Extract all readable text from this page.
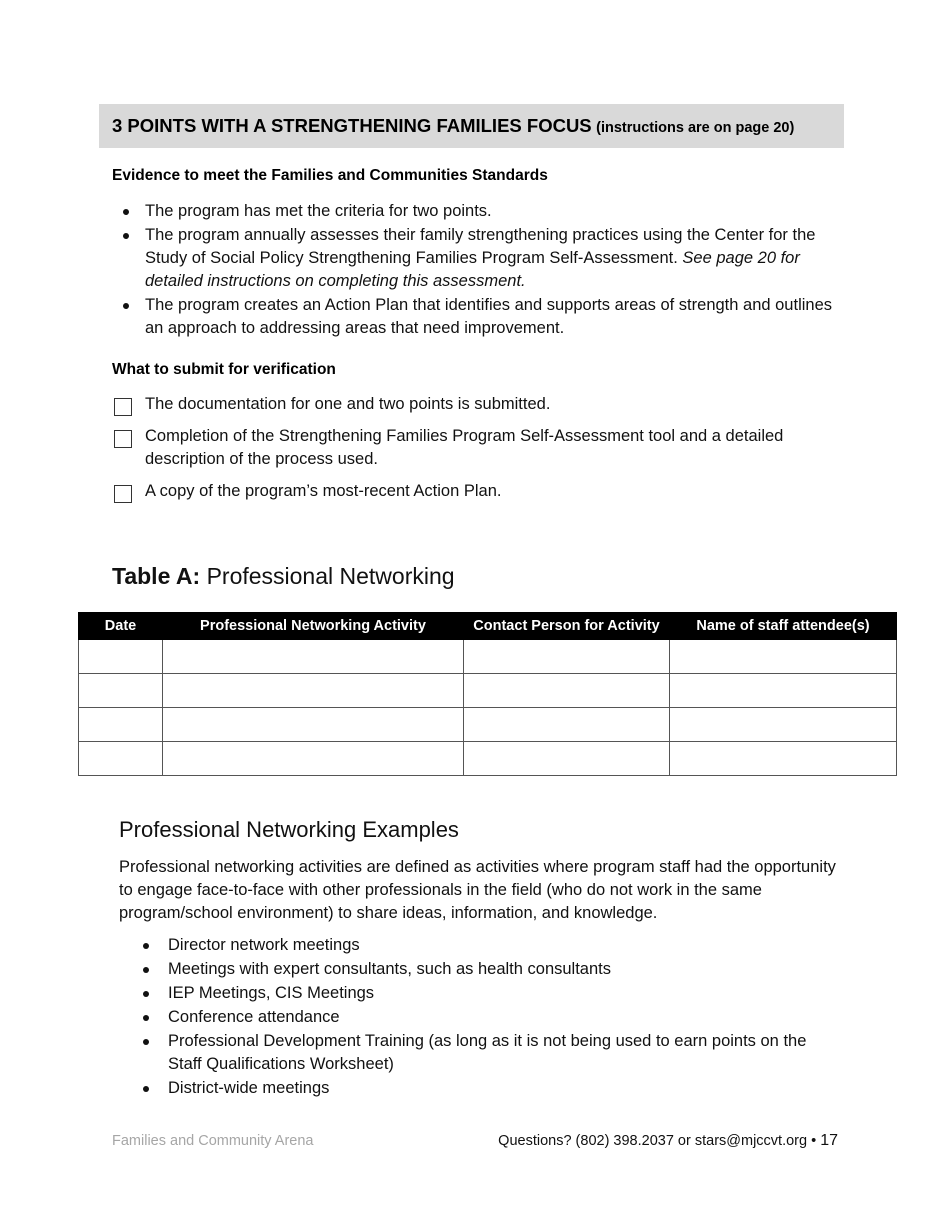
3 POINTS WITH A STRENGTHENING FAMILIES FOCUS (instructions are on page 20)
Evidence to meet the Families and Communities Standards
The program has met the criteria for two points.
The program annually assesses their family strengthening practices using the Center for the Study of Social Policy Strengthening Families Program Self-Assessment. See page 20 for detailed instructions on completing this assessment.
The program creates an Action Plan that identifies and supports areas of strength and outlines an approach to addressing areas that need improvement.
What to submit for verification
The documentation for one and two points is submitted.
Completion of the Strengthening Families Program Self-Assessment tool and a detailed description of the process used.
A copy of the program’s most-recent Action Plan.
Table A: Professional Networking
Date	Professional Networking Activity	Contact Person for Activity	Name of staff attendee(s)

Professional Networking Examples
Professional networking activities are defined as activities where program staff had the opportunity to engage face-to-face with other professionals in the field (who do not work in the same program/school environment) to share ideas, information, and knowledge.
Director network meetings
Meetings with expert consultants, such as health consultants
IEP Meetings, CIS Meetings
Conference attendance
Professional Development Training (as long as it is not being used to earn points on the Staff Qualifications Worksheet)
District-wide meetings
Families and Community Arena	Questions? (802) 398.2037 or stars@mjccvt.org • 17
